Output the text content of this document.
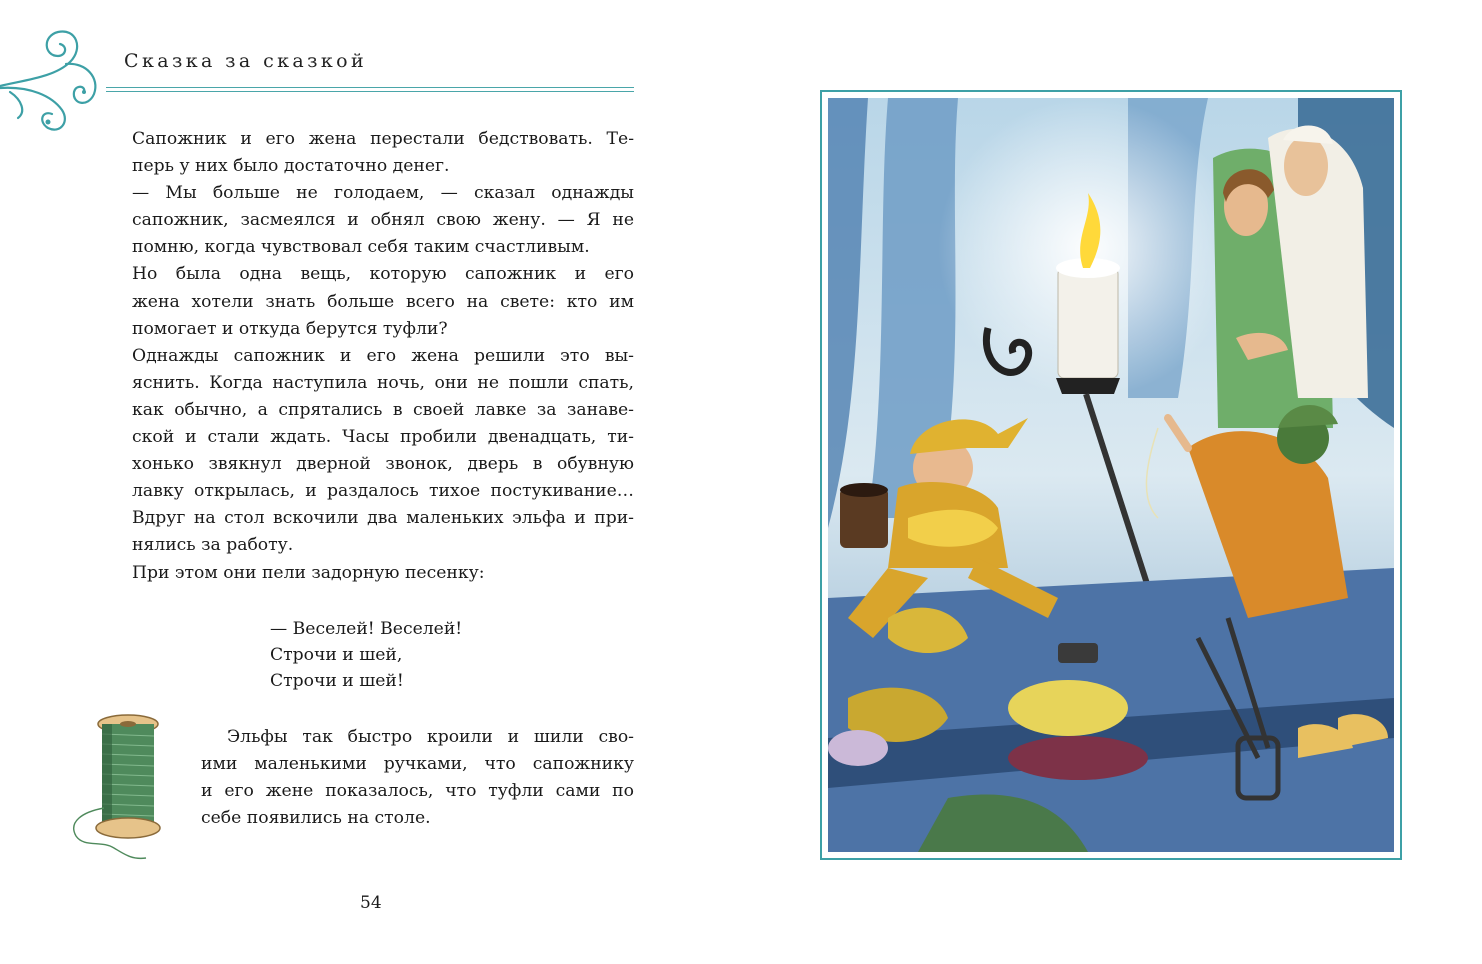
Сказка за сказкой

Сапожник и его жена перестали бедствовать. Те-
перь у них было достаточно денег.

— Мы больше не голодаем, — сказал однажды
сапожник, засмеялся и обнял свою жену. — Я не
помню, когда чувствовал себя таким счастливым.

Но была одна вещь, которую сапожник и его
жена хотели знать больше всего на свете: кто им
помогает и откуда берутся туфли?

Однажды сапожник и его жена решили это вы-
яснить. Когда наступила ночь, они не пошли спать,
как обычно, а спрятались в своей лавке за занаве-
ской и стали ждать. Часы пробили двенадцать, ти-
хонько звякнул дверной звонок, дверь в обувную
лавку открылась, и раздалось тихое постукивание…
Вдруг на стол вскочили два маленьких эльфа и при-
нялись за работу.

При этом они пели задорную песенку:

— Веселей! Веселей!
Строчи и шей,
Строчи и шей!
Эльфы так быстро кроили и шили сво-
ими маленькими ручками, что сапожнику
и его жене показалось, что туфли сами по
себе появились на столе.
54
